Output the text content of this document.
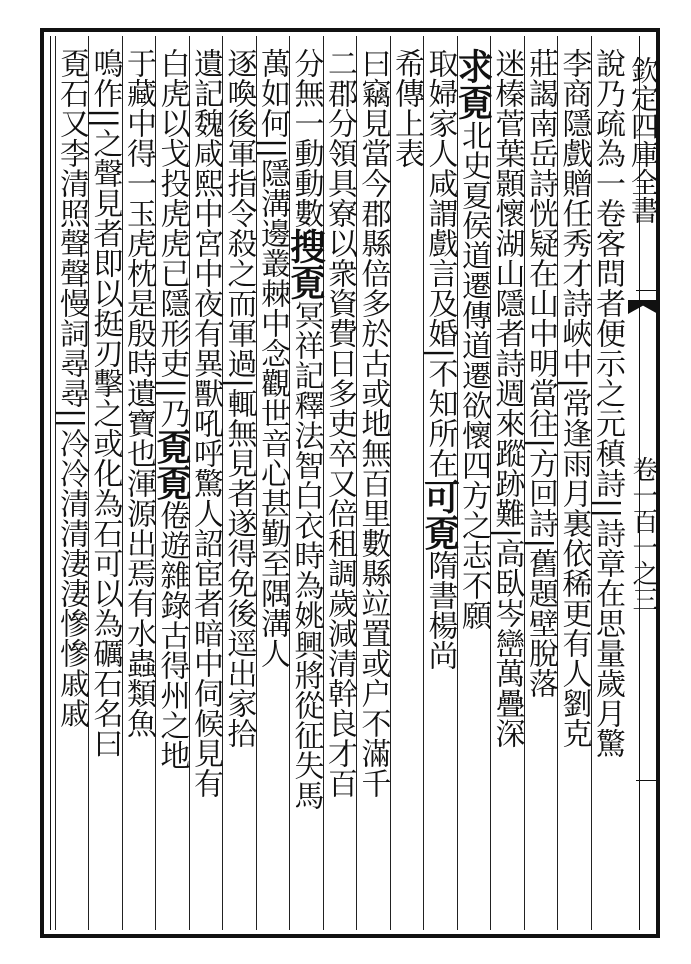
欽定四庫全書
卷一百一之三
說乃疏為一卷客問者便示之元稹詩||詩章在思量歲月驚
李商隱戲贈任秀才詩峽中|常逢雨月裏依稀更有人劉克
莊謁南岳詩恍疑在山中明當往|方回詩|舊題壁脫落
迷榛菅葉顥懷湖山隱者詩週來蹤跡難|高臥岑巒萬疊深
求覔北史夏侯道遷傳道遷欲懷四方之志不願
取婦家人咸謂戲言及婚|不知所在可覔隋書楊尚
希傳上表
曰竊見當今郡縣倍多於古或地無百里數縣竝置或户不滿千
二郡分領具寮以衆資費日多吏卒又倍租調歲減清幹良才百
分無一動動數搜覔冥祥記釋法智白衣時為姚興將從征失馬
萬如何||隱溝邊叢棘中念觀世音心甚勤至隅溝人
逐喚後軍指令殺之而軍過|輒無見者遂得免後逕出家拾
遺記魏咸熙中宮中夜有異獸吼呼驚人詔宦者暗中伺候見有
白虎以戈投虎虎已隱形吏||乃覔覔倦遊雜錄古得州之地
于藏中得一玉虎枕是殷時遺寶也渾源出焉有水蟲類魚
鳴作||之聲見者即以挺刃擊之或化為石可以為礪石名曰
覔石又李清照聲聲慢詞尋尋||冷冷清清淒淒慘慘戚戚
